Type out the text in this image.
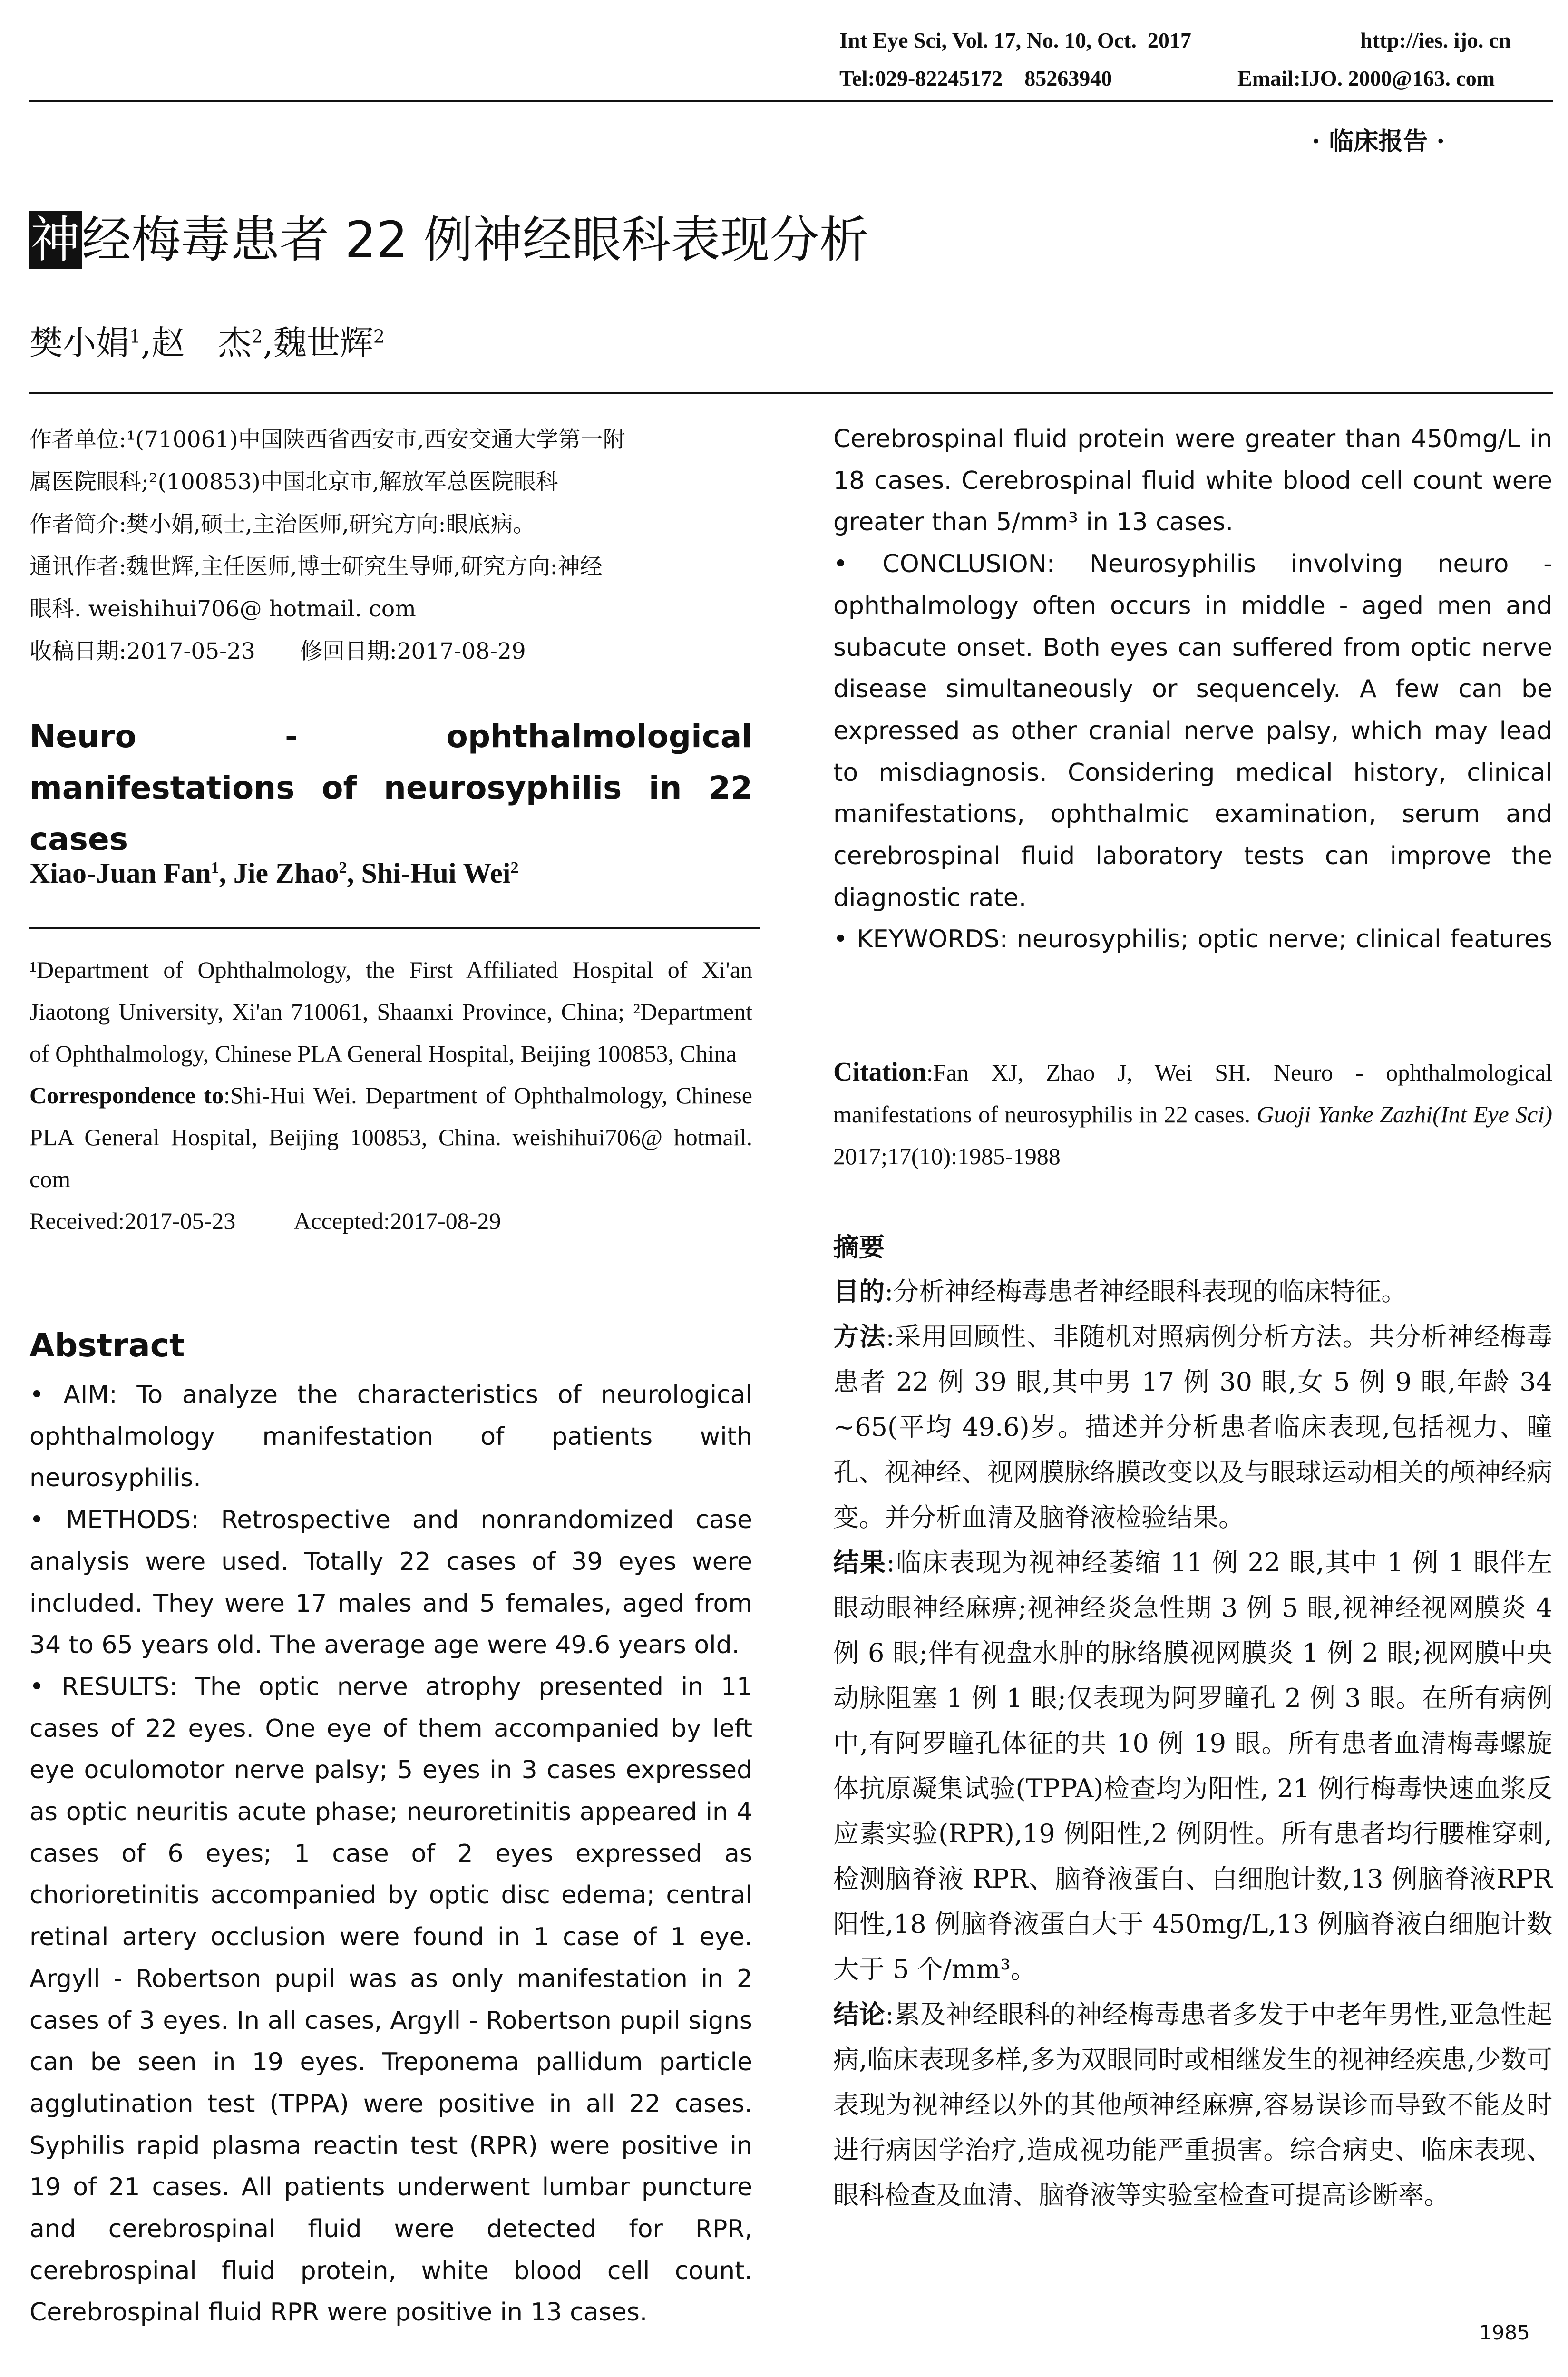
Int Eye Sci, Vol. 17, No. 10, Oct.  2017	http://ies. ijo. cn
Tel:029-82245172    85263940	Email:IJO. 2000@163. com
· 临床报告 ·
神经梅毒患者 22 例神经眼科表现分析
樊小娟$^1$,赵　杰$^2$,魏世辉$^2$
作者单位:¹(710061)中国陕西省西安市,西安交通大学第一附
属医院眼科;²(100853)中国北京市,解放军总医院眼科
作者简介:樊小娟,硕士,主治医师,研究方向:眼底病。
通讯作者:魏世辉,主任医师,博士研究生导师,研究方向:神经
眼科. weishihui706@ hotmail. com
收稿日期:2017-05-23　　修回日期:2017-08-29
Neuro - ophthalmological manifestations of neurosyphilis in 22 cases
Xiao-Juan Fan$^1$, Jie Zhao$^2$, Shi-Hui Wei$^2$

¹Department of Ophthalmology, the First Affiliated Hospital of Xi'an Jiaotong University, Xi'an 710061, Shaanxi Province, China; ²Department of Ophthalmology, Chinese PLA General Hospital, Beijing 100853, China

Correspondence to:Shi-Hui Wei. Department of Ophthalmology, Chinese PLA General Hospital, Beijing 100853, China. weishihui706@ hotmail. com

Received:2017-05-23 Accepted:2017-08-29

Abstract

• AIM: To analyze the characteristics of neurological ophthalmology manifestation of patients with neurosyphilis.

• METHODS: Retrospective and nonrandomized case analysis were used. Totally 22 cases of 39 eyes were included. They were 17 males and 5 females, aged from 34 to 65 years old. The average age were 49.6 years old.

• RESULTS: The optic nerve atrophy presented in 11 cases of 22 eyes. One eye of them accompanied by left eye oculomotor nerve palsy; 5 eyes in 3 cases expressed as optic neuritis acute phase; neuroretinitis appeared in 4 cases of 6 eyes; 1 case of 2 eyes expressed as chorioretinitis accompanied by optic disc edema; central retinal artery occlusion were found in 1 case of 1 eye. Argyll - Robertson pupil was as only manifestation in 2 cases of 3 eyes. In all cases, Argyll - Robertson pupil signs can be seen in 19 eyes. Treponema pallidum particle agglutination test (TPPA) were positive in all 22 cases. Syphilis rapid plasma reactin test (RPR) were positive in 19 of 21 cases. All patients underwent lumbar puncture and cerebrospinal fluid were detected for RPR, cerebrospinal fluid protein, white blood cell count. Cerebrospinal fluid RPR were positive in 13 cases.

Cerebrospinal fluid protein were greater than 450mg/L in 18 cases. Cerebrospinal fluid white blood cell count were greater than 5/mm³ in 13 cases.

• CONCLUSION: Neurosyphilis involving neuro - ophthalmology often occurs in middle - aged men and subacute onset. Both eyes can suffered from optic nerve disease simultaneously or sequencely. A few can be expressed as other cranial nerve palsy, which may lead to misdiagnosis. Considering medical history, clinical manifestations, ophthalmic examination, serum and cerebrospinal fluid laboratory tests can improve the diagnostic rate.

• KEYWORDS: neurosyphilis; optic nerve; clinical features

Citation:Fan XJ, Zhao J, Wei SH. Neuro - ophthalmological manifestations of neurosyphilis in 22 cases. Guoji Yanke Zazhi(Int Eye Sci) 2017;17(10):1985-1988
摘要

目的:分析神经梅毒患者神经眼科表现的临床特征。

方法:采用回顾性、非随机对照病例分析方法。共分析神经梅毒患者 22 例 39 眼,其中男 17 例 30 眼,女 5 例 9 眼,年龄 34 ~65(平均 49.6)岁。描述并分析患者临床表现,包括视力、瞳孔、视神经、视网膜脉络膜改变以及与眼球运动相关的颅神经病变。并分析血清及脑脊液检验结果。

结果:临床表现为视神经萎缩 11 例 22 眼,其中 1 例 1 眼伴左眼动眼神经麻痹;视神经炎急性期 3 例 5 眼,视神经视网膜炎 4 例 6 眼;伴有视盘水肿的脉络膜视网膜炎 1 例 2 眼;视网膜中央动脉阻塞 1 例 1 眼;仅表现为阿罗瞳孔 2 例 3 眼。在所有病例中,有阿罗瞳孔体征的共 10 例 19 眼。所有患者血清梅毒螺旋体抗原凝集试验(TPPA)检查均为阳性, 21 例行梅毒快速血浆反应素实验(RPR),19 例阳性,2 例阴性。所有患者均行腰椎穿刺,检测脑脊液 RPR、脑脊液蛋白、白细胞计数,13 例脑脊液RPR 阳性,18 例脑脊液蛋白大于 450mg/L,13 例脑脊液白细胞计数大于 5 个/mm³。

结论:累及神经眼科的神经梅毒患者多发于中老年男性,亚急性起病,临床表现多样,多为双眼同时或相继发生的视神经疾患,少数可表现为视神经以外的其他颅神经麻痹,容易误诊而导致不能及时进行病因学治疗,造成视功能严重损害。综合病史、临床表现、眼科检查及血清、脑脊液等实验室检查可提高诊断率。

1985
